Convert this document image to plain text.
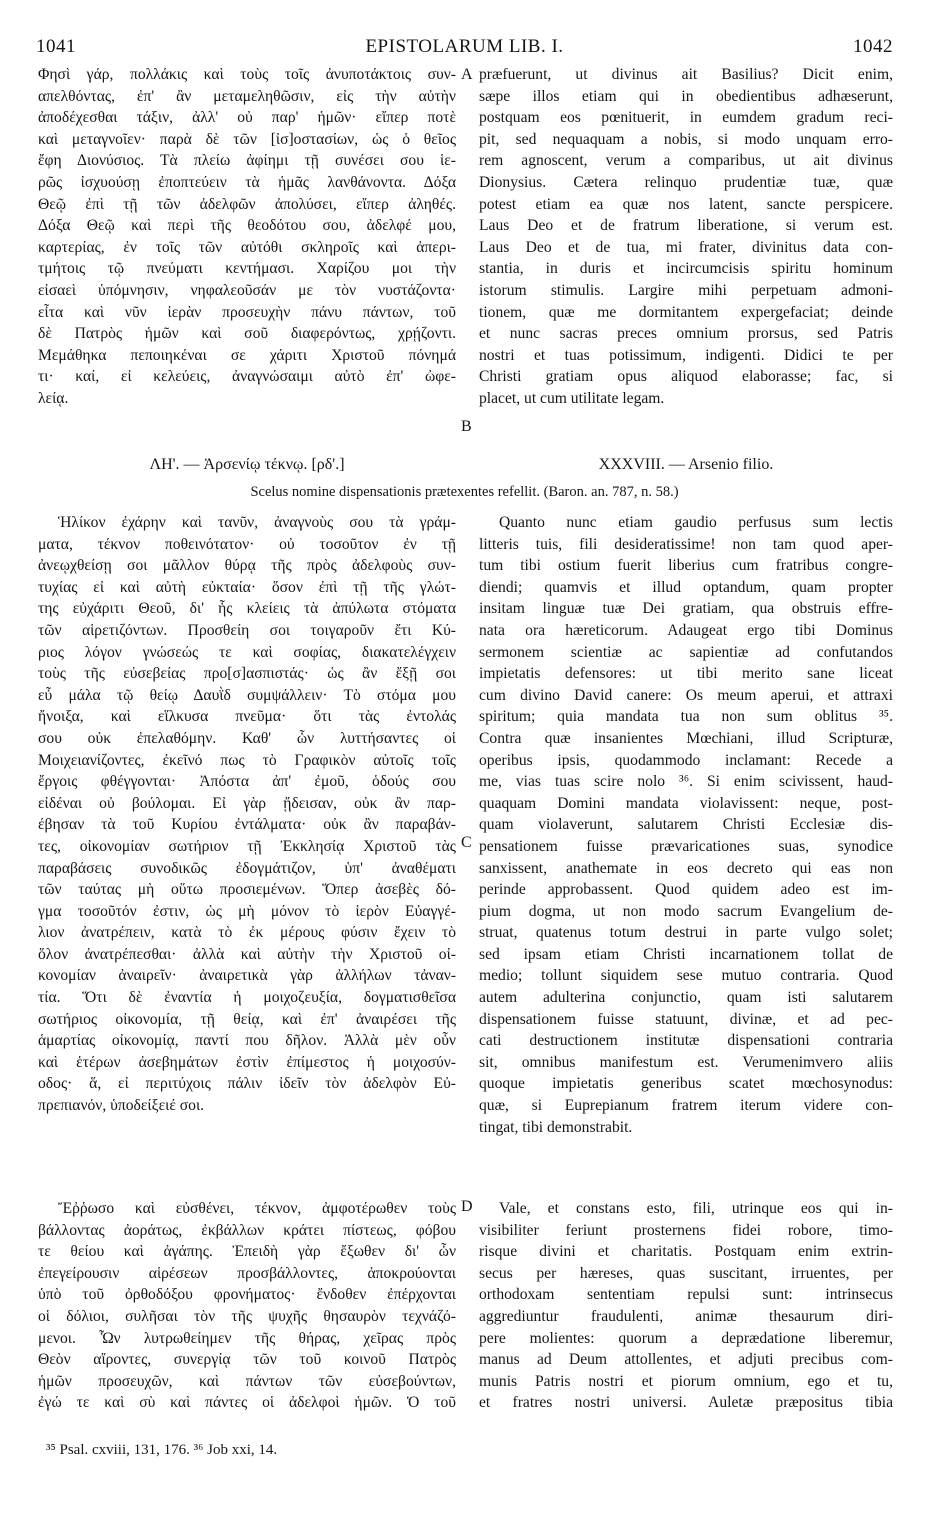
1041	EPISTOLARUM LIB. I.	1042
Φησὶ γάρ, πολλάκις καὶ τοὺς τοῖς ἀνυποτάκτοις συν-
απελθόντας, ἐπ' ἂν μεταμεληθῶσιν, εἰς τὴν αὐτὴν
ἀποδέχεσθαι τάξιν, ἀλλ' οὐ παρ' ἡμῶν· εἴπερ ποτὲ
καὶ μεταγνοῖεν· παρὰ δὲ τῶν [ἰσ]οστασίων, ὡς ὁ θεῖος
ἔφη Διονύσιος. Τὰ πλείω ἀφίημι τῇ συνέσει σου ἱε-
ρῶς ἰσχυούσῃ ἐποπτεύειν τὰ ἡμᾶς λανθάνοντα. Δόξα
Θεῷ ἐπὶ τῇ τῶν ἀδελφῶν ἀπολύσει, εἴπερ ἀληθές.
Δόξα Θεῷ καὶ περὶ τῆς θεοδότου σου, ἀδελφέ μου,
καρτερίας, ἐν τοῖς τῶν αὐτόθι σκληροῖς καὶ ἀπερι-
τμήτοις τῷ πνεύματι κεντήμασι. Χαρίζου μοι τὴν
εἰσαεὶ ὑπόμνησιν, νηφαλεοῦσάν με τὸν νυστάζοντα·
εἶτα καὶ νῦν ἱερὰν προσευχὴν πάνυ πάντων, τοῦ
δὲ Πατρὸς ἡμῶν καὶ σοῦ διαφερόντως, χρῄζοντι.
Μεμάθηκα πεποιηκέναι σε χάριτι Χριστοῦ πόνημά
τι· καί, εἰ κελεύεις, ἀναγνώσαιμι αὐτὸ ἐπ' ὠφε-
λείᾳ.
præfuerunt, ut divinus ait Basilius? Dicit enim,
sæpe illos etiam qui in obedientibus adhæserunt,
postquam eos pœnituerit, in eumdem gradum reci-
pit, sed nequaquam a nobis, si modo unquam erro-
rem agnoscent, verum a comparibus, ut ait divinus
Dionysius. Cætera relinquo prudentiæ tuæ, quæ
potest etiam ea quæ nos latent, sancte perspicere.
Laus Deo et de fratrum liberatione, si verum est.
Laus Deo et de tua, mi frater, divinitus data con-
stantia, in duris et incircumcisis spiritu hominum
istorum stimulis. Largire mihi perpetuam admoni-
tionem, quæ me dormitantem expergefaciat; deinde
et nunc sacras preces omnium prorsus, sed Patris
nostri et tuas potissimum, indigenti. Didici te per
Christi gratiam opus aliquod elaborasse; fac, si
placet, ut cum utilitate legam.
ΛΗ'. — Ἀρσενίῳ τέκνῳ. [ρδ'.]	XXXVIII. — Arsenio filio.
Scelus nomine dispensationis prætexentes refellit. (Baron. an. 787, n. 58.)
Ἡλίκον ἐχάρην καὶ τανῦν, ἀναγνοὺς σου τὰ γράμ-
ματα, τέκνον ποθεινότατον· οὐ τοσοῦτον ἐν τῇ
ἀνεῳχθείσῃ σοι μᾶλλον θύρᾳ τῆς πρὸς ἀδελφοὺς συν-
τυχίας εἰ καὶ αὐτὴ εὐκταία· ὅσον ἐπὶ τῇ τῆς γλώτ-
της εὐχάριτι Θεοῦ, δι' ἧς κλείεις τὰ ἀπύλωτα στόματα
τῶν αἱρετιζόντων. Προσθείη σοι τοιγαροῦν ἔτι Κύ-
ριος λόγον γνώσεώς τε καὶ σοφίας, διακατελέγχειν
τοὺς τῆς εὐσεβείας προ[σ]ασπιστάς· ὡς ἂν ἔξῇ σοι
εὖ μάλα τῷ θείῳ Δαυῒδ συμψάλλειν· Τὸ στόμα μου
ἤνοιξα, καὶ εἵλκυσα πνεῦμα· ὅτι τὰς ἐντολάς
σου οὐκ ἐπελαθόμην. Καθ' ὧν λυττήσαντες οἱ
Μοιχειανίζοντες, ἐκεῖνό πως τὸ Γραφικὸν αὐτοῖς τοῖς
ἔργοις φθέγγονται· Ἀπόστα ἀπ' ἐμοῦ, ὁδούς σου
εἰδέναι οὐ βούλομαι. Εἰ γὰρ ᾔδεισαν, οὐκ ἂν παρ-
έβησαν τὰ τοῦ Κυρίου ἐντάλματα· οὐκ ἂν παραβάν-
τες, οἰκονομίαν σωτήριον τῇ Ἐκκλησίᾳ Χριστοῦ τὰς
παραβάσεις συνοδικῶς ἐδογμάτιζον, ὑπ' ἀναθέματι
τῶν ταύτας μὴ οὕτω προσιεμένων. Ὅπερ ἀσεβὲς δό-
γμα τοσοῦτόν ἐστιν, ὡς μὴ μόνον τὸ ἱερὸν Εὐαγγέ-
λιον ἀνατρέπειν, κατὰ τὸ ἐκ μέρους φύσιν ἔχειν τὸ
ὅλον ἀνατρέπεσθαι· ἀλλὰ καὶ αὐτὴν τὴν Χριστοῦ οἰ-
κονομίαν ἀναιρεῖν· ἀναιρετικὰ γὰρ ἀλλήλων τἀναν-
τία. Ὅτι δὲ ἐναντία ἡ μοιχοζευξία, δογματισθεῖσα
σωτήριος οἰκονομία, τῇ θείᾳ, καὶ ἐπ' ἀναιρέσει τῆς
ἁμαρτίας οἰκονομίᾳ, παντί που δῆλον. Ἀλλὰ μὲν οὖν
καὶ ἑτέρων ἀσεβημάτων ἐστὶν ἐπίμεστος ἡ μοιχοσύν-
οδος· ἅ, εἰ περιτύχοις πάλιν ἰδεῖν τὸν ἀδελφὸν Εὐ-
πρεπιανόν, ὑποδείξειέ σοι.
Quanto nunc etiam gaudio perfusus sum lectis
litteris tuis, fili desideratissime! non tam quod aper-
tum tibi ostium fuerit liberius cum fratribus congre-
diendi; quamvis et illud optandum, quam propter
insitam linguæ tuæ Dei gratiam, qua obstruis effre-
nata ora hæreticorum. Adaugeat ergo tibi Dominus
sermonem scientiæ ac sapientiæ ad confutandos
impietatis defensores: ut tibi merito sane liceat
cum divino David canere: Os meum aperui, et attraxi
spiritum; quia mandata tua non sum oblitus ³⁵.
Contra quæ insanientes Mœchiani, illud Scripturæ,
operibus ipsis, quodammodo inclamant: Recede a
me, vias tuas scire nolo ³⁶. Si enim scivissent, haud-
quaquam Domini mandata violavissent: neque, post-
quam violaverunt, salutarem Christi Ecclesiæ dis-
pensationem fuisse prævaricationes suas, synodice
sanxissent, anathemate in eos decreto qui eas non
perinde approbassent. Quod quidem adeo est im-
pium dogma, ut non modo sacrum Evangelium de-
struat, quatenus totum destrui in parte vulgo solet;
sed ipsam etiam Christi incarnationem tollat de
medio; tollunt siquidem sese mutuo contraria. Quod
autem adulterina conjunctio, quam isti salutarem
dispensationem fuisse statuunt, divinæ, et ad pec-
cati destructionem institutæ dispensationi contraria
sit, omnibus manifestum est. Verumenimvero aliis
quoque impietatis generibus scatet mœchosynodus:
quæ, si Euprepianum fratrem iterum videre con-
tingat, tibi demonstrabit.
Ἔῤῥωσο καὶ εὐσθένει, τέκνον, ἀμφοτέρωθεν τοὺς
βάλλοντας ἀοράτως, ἐκβάλλων κράτει πίστεως, φόβου
τε θείου καὶ ἀγάπης. Ἐπειδὴ γὰρ ἔξωθεν δι' ὧν
ἐπεγείρουσιν αἱρέσεων προσβάλλοντες, ἀποκρούονται
ὑπὸ τοῦ ὀρθοδόξου φρονήματος· ἔνδοθεν ἐπέρχονται
οἱ δόλιοι, συλῆσαι τὸν τῆς ψυχῆς θησαυρὸν τεχνάζό-
μενοι. Ὧν λυτρωθείημεν τῆς θήρας, χεῖρας πρὸς
Θεὸν αἴροντες, συνεργίᾳ τῶν τοῦ κοινοῦ Πατρὸς
ἡμῶν προσευχῶν, καὶ πάντων τῶν εὐσεβούντων,
ἐγώ τε καὶ σὺ καὶ πάντες οἱ ἀδελφοὶ ἡμῶν. Ὁ τοῦ
Vale, et constans esto, fili, utrinque eos qui in-
visibiliter feriunt prosternens fidei robore, timo-
risque divini et charitatis. Postquam enim extrin-
secus per hæreses, quas suscitant, irruentes, per
orthodoxam sententiam repulsi sunt: intrinsecus
aggrediuntur fraudulenti, animæ thesaurum diri-
pere molientes: quorum a deprædatione liberemur,
manus ad Deum attollentes, et adjuti precibus com-
munis Patris nostri et piorum omnium, ego et tu,
et fratres nostri universi. Auletæ præpositus tibia
A
B
C
D
³⁵ Psal. cxviii, 131, 176. ³⁶ Job xxi, 14.
